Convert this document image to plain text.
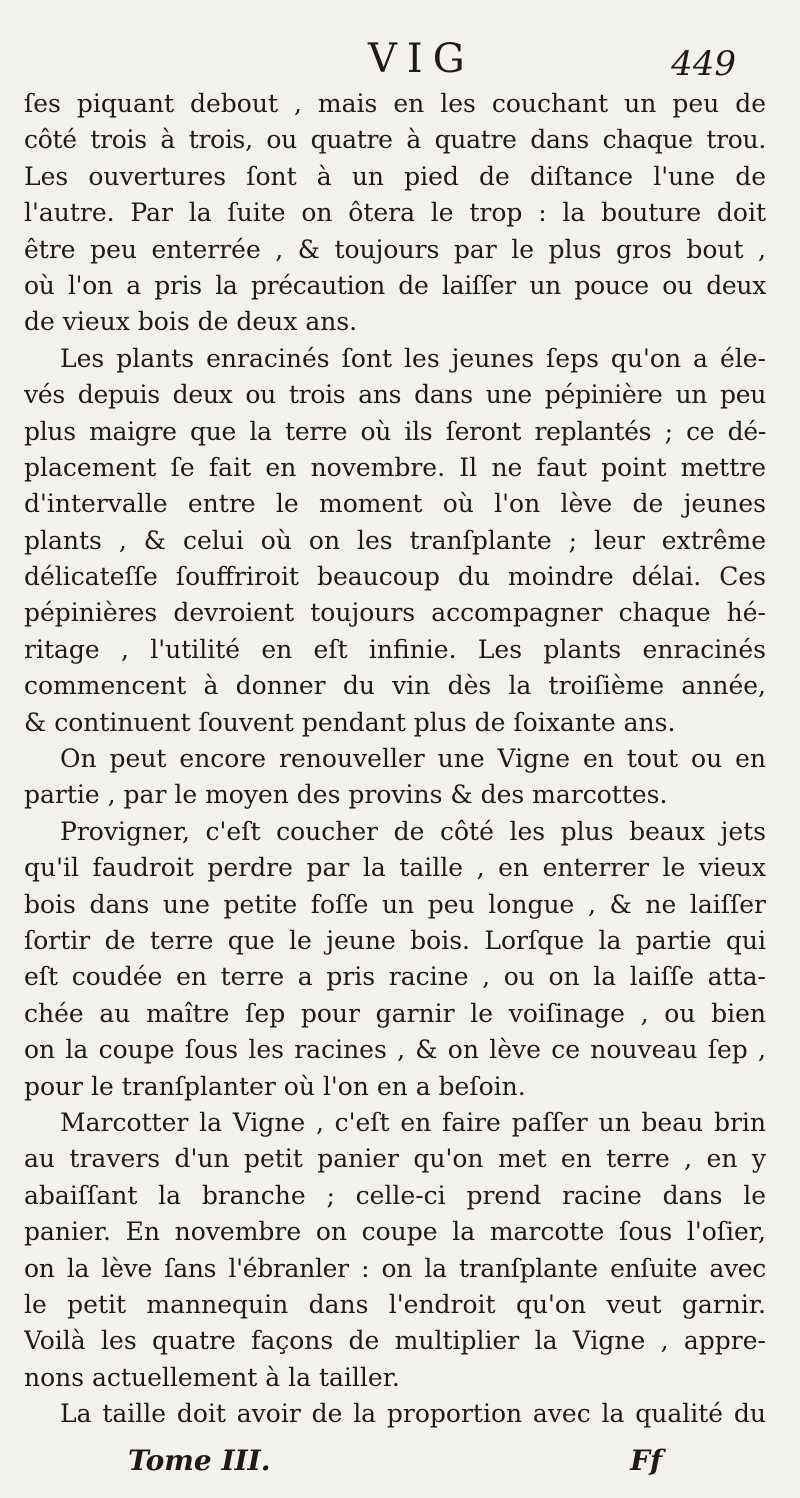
VIG	449
ſes piquant debout , mais en les couchant un peu de
côté trois à trois, ou quatre à quatre dans chaque trou.
Les ouvertures ſont à un pied de diſtance l'une de
l'autre. Par la ſuite on ôtera le trop : la bouture doit
être peu enterrée , & toujours par le plus gros bout ,
où l'on a pris la précaution de laiſſer un pouce ou deux
de vieux bois de deux ans.
Les plants enracinés ſont les jeunes ſeps qu'on a éle-
vés depuis deux ou trois ans dans une pépinière un peu
plus maigre que la terre où ils ſeront replantés ; ce dé-
placement ſe fait en novembre. Il ne faut point mettre
d'intervalle entre le moment où l'on lève de jeunes
plants , & celui où on les tranſplante ; leur extrême
délicateſſe ſouffriroit beaucoup du moindre délai. Ces
pépinières devroient toujours accompagner chaque hé-
ritage , l'utilité en eſt infinie. Les plants enracinés
commencent à donner du vin dès la troiſième année,
& continuent ſouvent pendant plus de ſoixante ans.
On peut encore renouveller une Vigne en tout ou en
partie , par le moyen des provins & des marcottes.
Provigner, c'eſt coucher de côté les plus beaux jets
qu'il faudroit perdre par la taille , en enterrer le vieux
bois dans une petite foſſe un peu longue , & ne laiſſer
ſortir de terre que le jeune bois. Lorſque la partie qui
eſt coudée en terre a pris racine , ou on la laiſſe atta-
chée au maître ſep pour garnir le voiſinage , ou bien
on la coupe ſous les racines , & on lève ce nouveau ſep ,
pour le tranſplanter où l'on en a beſoin.
Marcotter la Vigne , c'eſt en faire paſſer un beau brin
au travers d'un petit panier qu'on met en terre , en y
abaiſſant la branche ; celle-ci prend racine dans le
panier. En novembre on coupe la marcotte ſous l'oſier,
on la lève ſans l'ébranler : on la tranſplante enſuite avec
le petit mannequin dans l'endroit qu'on veut garnir.
Voilà les quatre façons de multiplier la Vigne , appre-
nons actuellement à la tailler.
La taille doit avoir de la proportion avec la qualité du
Tome III.	Ff
